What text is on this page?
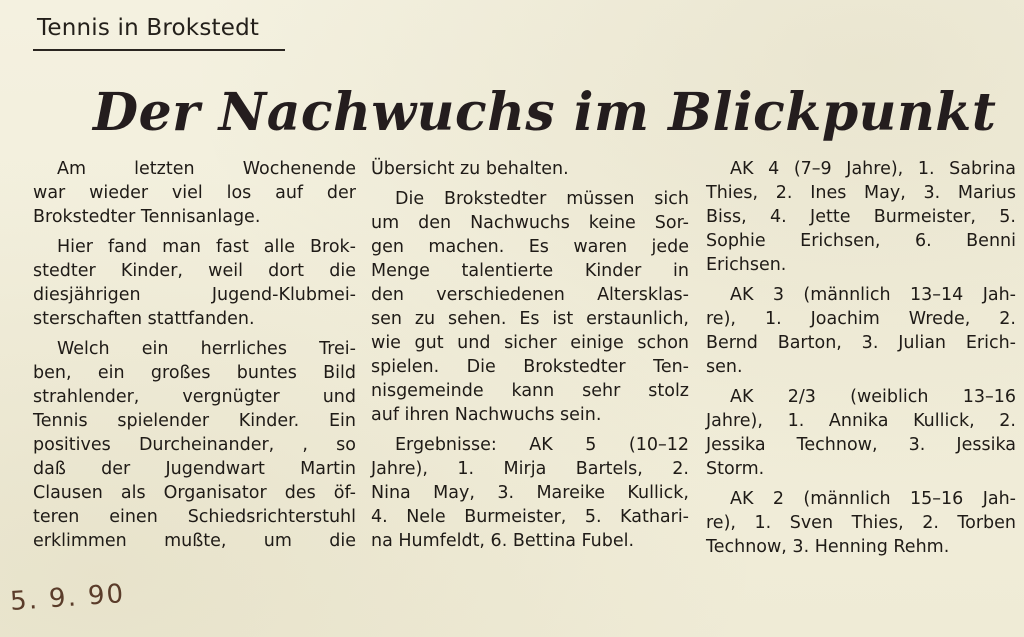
Tennis in Brokstedt
Der Nachwuchs im Blickpunkt

Am letzten Wochenende
war wieder viel los auf der
Brokstedter Tennisanlage.

Hier fand man fast alle Brok-
stedter Kinder, weil dort die
diesjährigen Jugend-Klubmei-
sterschaften stattfanden.

Welch ein herrliches Trei-
ben, ein großes buntes Bild
strahlender, vergnügter und
Tennis spielender Kinder. Ein
positives Durcheinander, , so
daß der Jugendwart Martin
Clausen als Organisator des öf-
teren einen Schiedsrichterstuhl
erklimmen mußte, um die

Übersicht zu behalten.

Die Brokstedter müssen sich
um den Nachwuchs keine Sor-
gen machen. Es waren jede
Menge talentierte Kinder in
den verschiedenen Altersklas-
sen zu sehen. Es ist erstaunlich,
wie gut und sicher einige schon
spielen. Die Brokstedter Ten-
nisgemeinde kann sehr stolz
auf ihren Nachwuchs sein.

Ergebnisse: AK 5 (10–12
Jahre), 1. Mirja Bartels, 2.
Nina May, 3. Mareike Kullick,
4. Nele Burmeister, 5. Kathari-
na Humfeldt, 6. Bettina Fubel.

AK 4 (7–9 Jahre), 1. Sabrina
Thies, 2. Ines May, 3. Marius
Biss, 4. Jette Burmeister, 5.
Sophie Erichsen, 6. Benni
Erichsen.

AK 3 (männlich 13–14 Jah-
re), 1. Joachim Wrede, 2.
Bernd Barton, 3. Julian Erich-
sen.

AK 2/3 (weiblich 13–16
Jahre), 1. Annika Kullick, 2.
Jessika Technow, 3. Jessika
Storm.

AK 2 (männlich 15–16 Jah-
re), 1. Sven Thies, 2. Torben
Technow, 3. Henning Rehm.

5. 9. 90
